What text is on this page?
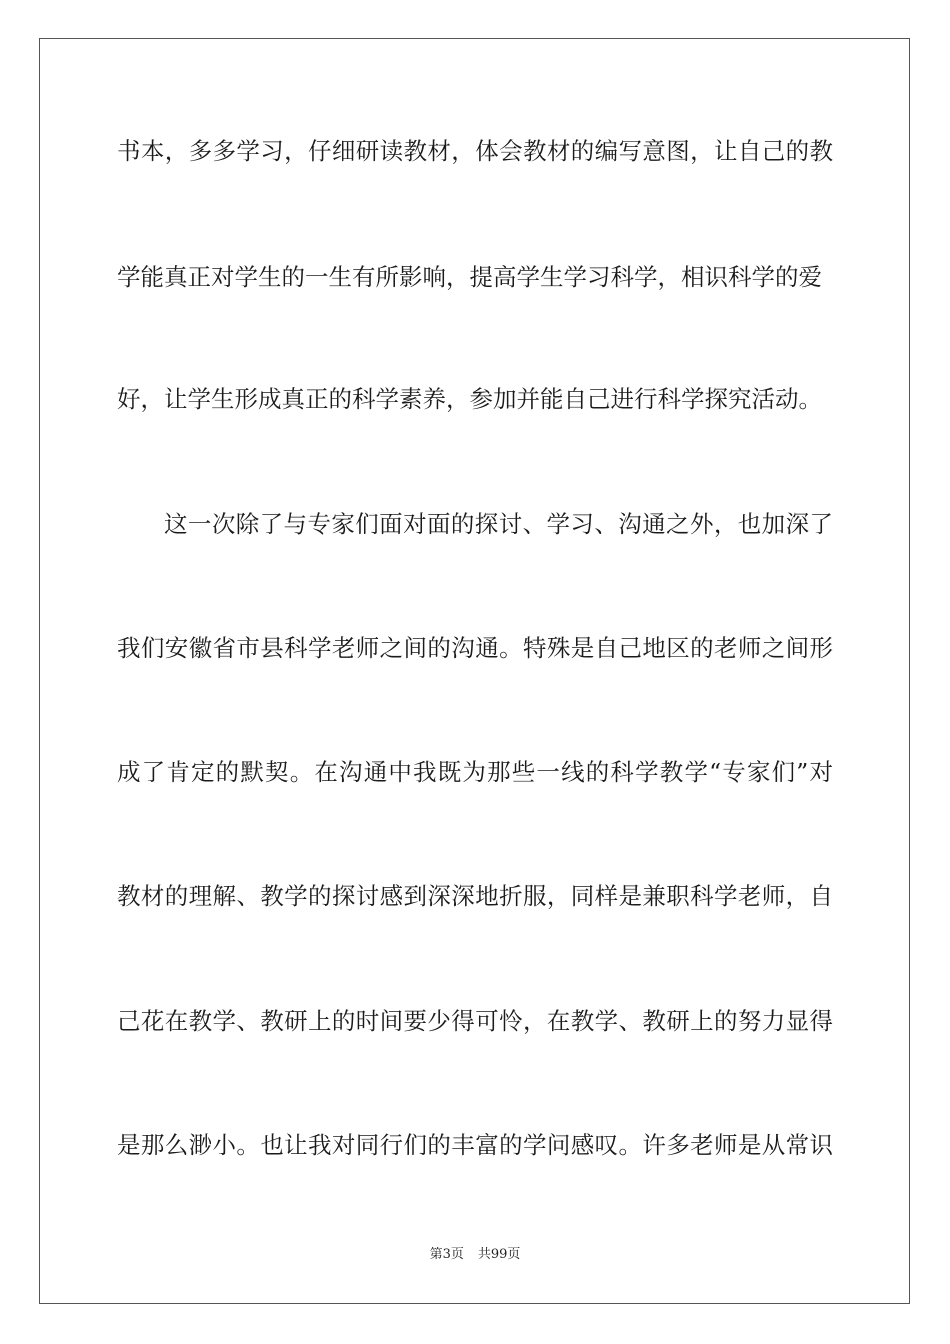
书本，多多学习，仔细研读教材，体会教材的编写意图，让自己的教
学能真正对学生的一生有所影响，提高学生学习科学，相识科学的爱
好，让学生形成真正的科学素养，参加并能自己进行科学探究活动。
这一次除了与专家们面对面的探讨、学习、沟通之外，也加深了
我们安徽省市县科学老师之间的沟通。特殊是自己地区的老师之间形
成了肯定的默契。在沟通中我既为那些一线的科学教学“专家们”对
教材的理解、教学的探讨感到深深地折服，同样是兼职科学老师，自
己花在教学、教研上的时间要少得可怜，在教学、教研上的努力显得
是那么渺小。也让我对同行们的丰富的学问感叹。许多老师是从常识
第3页 共99页
